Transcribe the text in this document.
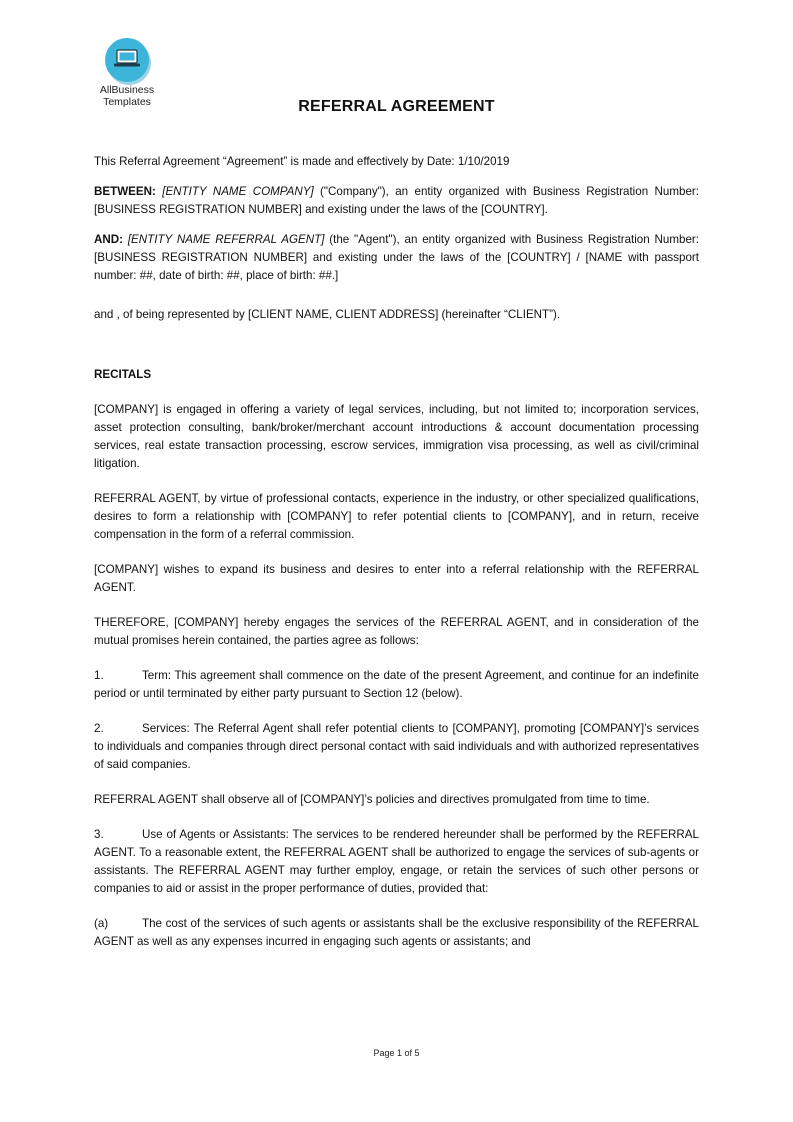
AllBusiness
Templates	REFERRAL AGREEMENT

This Referral Agreement “Agreement” is made and effectively by Date: 1/10/2019

BETWEEN: [ENTITY NAME COMPANY] ("Company"), an entity organized with Business Registration Number: [BUSINESS REGISTRATION NUMBER] and existing under the laws of the [COUNTRY].

AND: [ENTITY NAME REFERRAL AGENT] (the "Agent"), an entity organized with Business Registration Number: [BUSINESS REGISTRATION NUMBER] and existing under the laws of the [COUNTRY] / [NAME with passport number: ##, date of birth: ##, place of birth: ##.]

and , of being represented by [CLIENT NAME, CLIENT ADDRESS] (hereinafter “CLIENT”).

RECITALS

[COMPANY] is engaged in offering a variety of legal services, including, but not limited to; incorporation services, asset protection consulting, bank/broker/merchant account introductions & account documentation processing services, real estate transaction processing, escrow services, immigration visa processing, as well as civil/criminal litigation.

REFERRAL AGENT, by virtue of professional contacts, experience in the industry, or other specialized qualifications, desires to form a relationship with [COMPANY] to refer potential clients to [COMPANY], and in return, receive compensation in the form of a referral commission.

[COMPANY] wishes to expand its business and desires to enter into a referral relationship with the REFERRAL AGENT.

THEREFORE, [COMPANY] hereby engages the services of the REFERRAL AGENT, and in consideration of the mutual promises herein contained, the parties agree as follows:

1.	Term: This agreement shall commence on the date of the present Agreement, and continue for an indefinite period or until terminated by either party pursuant to Section 12 (below).

2.	Services: The Referral Agent shall refer potential clients to [COMPANY], promoting [COMPANY]’s services to individuals and companies through direct personal contact with said individuals and with authorized representatives of said companies.

REFERRAL AGENT shall observe all of [COMPANY]’s policies and directives promulgated from time to time.

3.	Use of Agents or Assistants: The services to be rendered hereunder shall be performed by the REFERRAL AGENT. To a reasonable extent, the REFERRAL AGENT shall be authorized to engage the services of sub-agents or assistants. The REFERRAL AGENT may further employ, engage, or retain the services of such other persons or companies to aid or assist in the proper performance of duties, provided that:

(a)	The cost of the services of such agents or assistants shall be the exclusive responsibility of the REFERRAL AGENT as well as any expenses incurred in engaging such agents or assistants; and

Page 1 of 5
